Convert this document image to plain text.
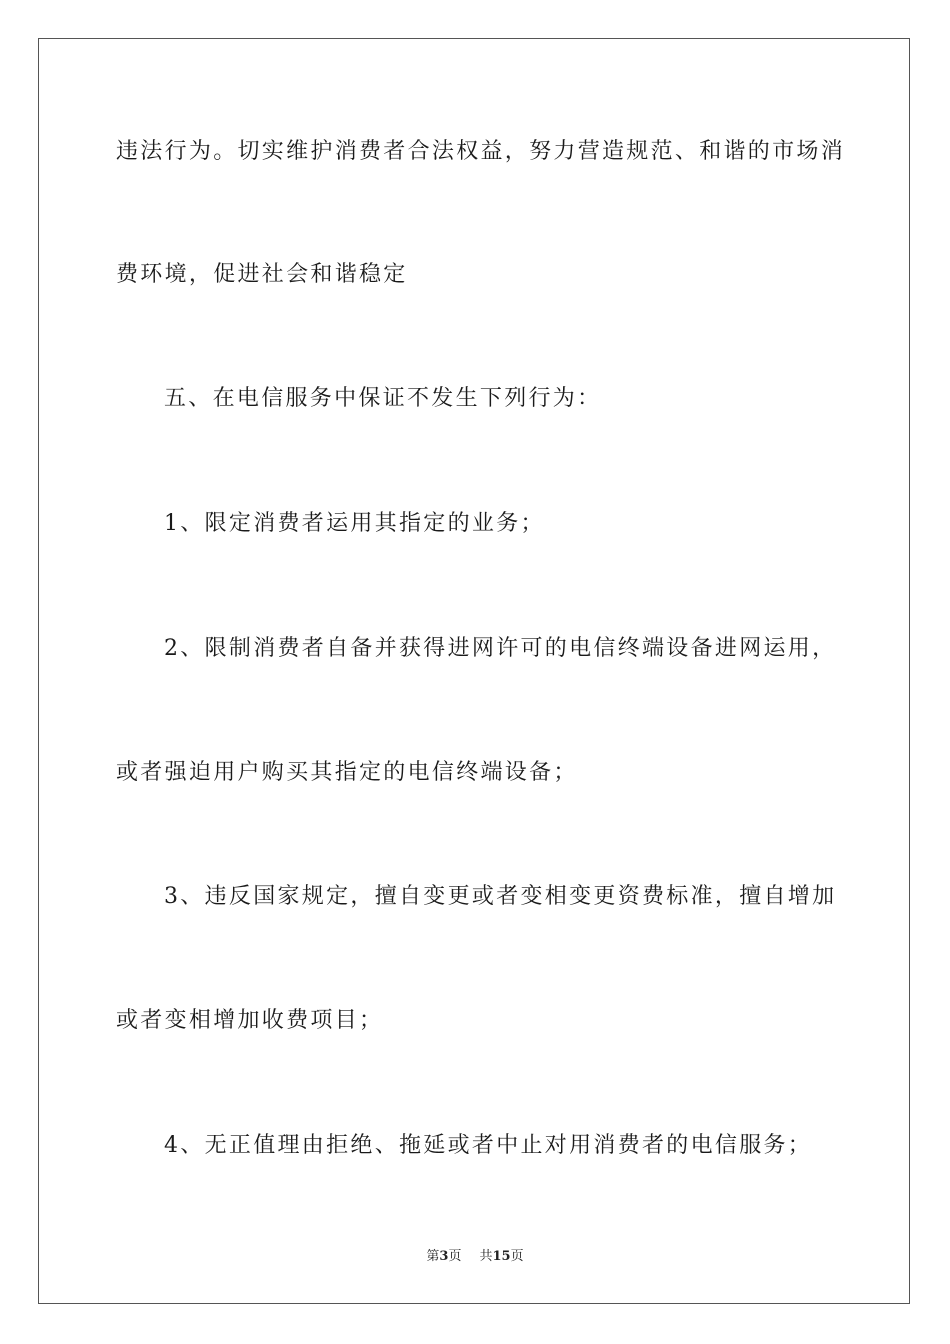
违法行为。切实维护消费者合法权益，努力营造规范、和谐的市场消
费环境，促进社会和谐稳定
五、在电信服务中保证不发生下列行为：
1、限定消费者运用其指定的业务；
2、限制消费者自备并获得进网许可的电信终端设备进网运用，
或者强迫用户购买其指定的电信终端设备；
3、违反国家规定，擅自变更或者变相变更资费标准，擅自增加
或者变相增加收费项目；
4、无正值理由拒绝、拖延或者中止对用消费者的电信服务；
第3页 共15页
